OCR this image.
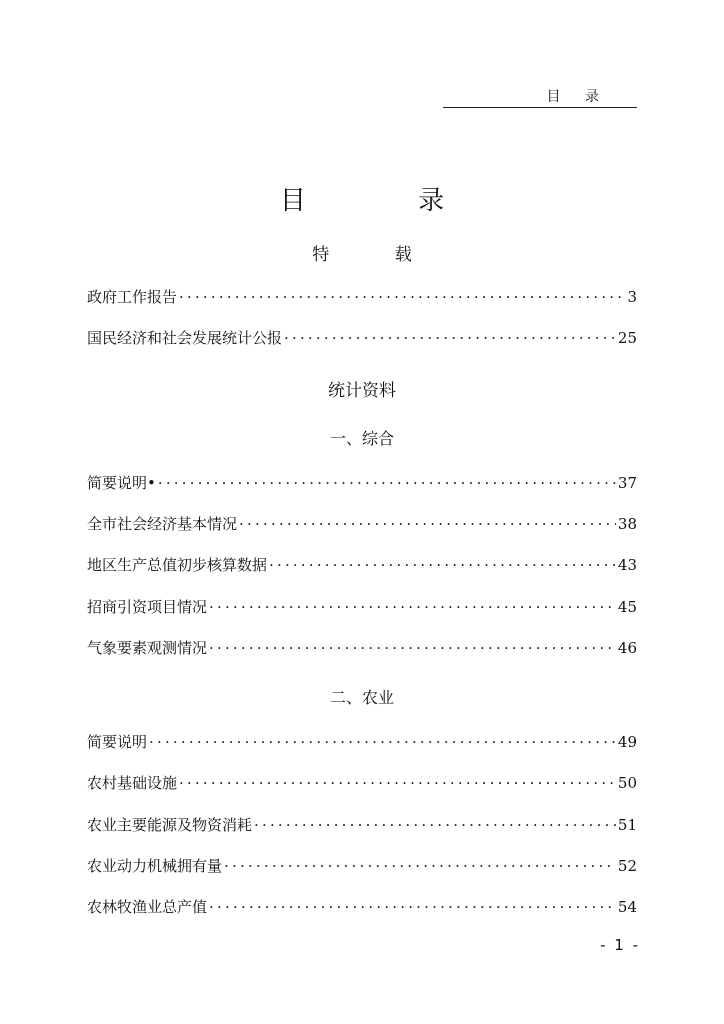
目 录
目 录
特 载
政府工作报告 ·····	3
国民经济和社会发展统计公报 ·····	25
统计资料
一、综合
简要说明• ·····	37
全市社会经济基本情况 ·····	38
地区生产总值初步核算数据 ·····	43
招商引资项目情况 ·····	45
气象要素观测情况 ·····	46
二、农业
简要说明 ·····	49
农村基础设施 ·····	50
农业主要能源及物资消耗 ·····	51
农业动力机械拥有量 ·····	52
农林牧渔业总产值 ·····	54
- 1 -
